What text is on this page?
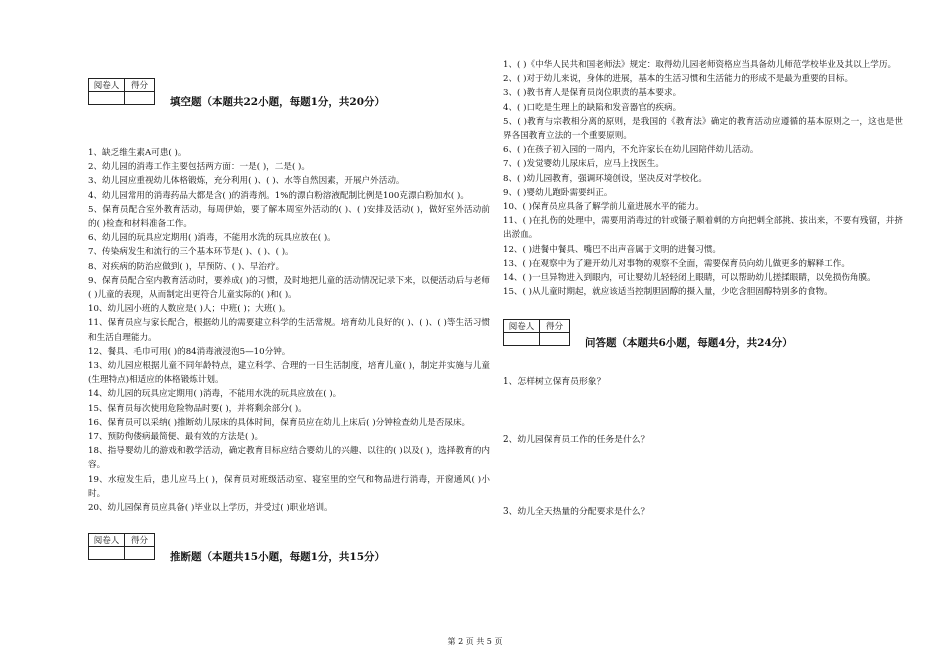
阅卷人	得分

填空题（本题共22小题，每题1分，共20分）

1、缺乏维生素A可患( )。

2、幼儿园的消毒工作主要包括两方面：一是( )，二是( )。

3、幼儿园应重视幼儿体格锻炼，充分利用( )、( )、水等自然因素，开展户外活动。

4、幼儿园常用的消毒药品大都是含( )的消毒剂。1%的漂白粉溶液配制比例是100克漂白粉加水( )。

5、保育员配合室外教育活动，每周伊始，要了解本周室外活动的( )、( )安排及活动( )，做好室外活动前的( )检查和材料准备工作。

6、幼儿园的玩具应定期用( )消毒，不能用水洗的玩具应放在( )。

7、传染病发生和流行的三个基本环节是( )、( )、( )。

8、对疾病的防治应做到( )，早预防、( )、早治疗。

9、保育员配合室内教育活动时，要养成( )的习惯，及时地把儿童的活动情况记录下来，以便活动后与老师( )儿童的表现，从而制定出更符合儿童实际的( )和( )。

10、幼儿园小班的人数应是( )人；中班( )；大班( )。

11、保育员应与家长配合，根据幼儿的需要建立科学的生活常规。培育幼儿良好的( )、( )、( )等生活习惯和生活自理能力。

12、餐具、毛巾可用( )的84消毒液浸泡5—10分钟。

13、幼儿园应根据儿童不同年龄特点，建立科学、合理的一日生活制度，培育儿童( )，制定并实施与儿童(生理特点)相适应的体格锻炼计划。

14、幼儿园的玩具应定期用( )消毒，不能用水洗的玩具应放在( )。

15、保育员每次使用危险物品时要( )，并将剩余部分( )。

16、保育员可以采纳( )推断幼儿尿床的具体时间，保育员应在幼儿上床后( )分钟检查幼儿是否尿床。

17、预防佝偻病最简便、最有效的方法是( )。

18、指导婴幼儿的游戏和教学活动，确定教育目标应结合婴幼儿的兴趣、以往的( )以及( )，选择教育的内容。

19、水痘发生后，患儿应马上( )，保育员对班级活动室、寝室里的空气和物品进行消毒，开窗通风( )小时。

20、幼儿园保育员应具备( )毕业以上学历，并受过( )职业培训。

阅卷人	得分

推断题（本题共15小题，每题1分，共15分）

1、( )《中华人民共和国老师法》规定：取得幼儿园老师资格应当具备幼儿师范学校毕业及其以上学历。

2、( )对于幼儿来说，身体的进展，基本的生活习惯和生活能力的形成不是最为重要的目标。

3、( )教书育人是保育员岗位职责的基本要求。

4、( )口吃是生理上的缺陷和发音器官的疾病。

5、( )教育与宗教相分离的原则，是我国的《教育法》确定的教育活动应遵循的基本原则之一，这也是世界各国教育立法的一个重要原则。

6、( )在孩子初入园的一周内，不允许家长在幼儿园陪伴幼儿活动。

7、( )发觉婴幼儿尿床后，应马上找医生。

8、( )幼儿园教育，强调环境创设，坚决反对学校化。

9、( )婴幼儿跑卧需要纠正。

10、( )保育员应具备了解学前儿童进展水平的能力。

11、( )在扎伤的处理中，需要用消毒过的针或镊子顺着刺的方向把刺全部挑、拔出来，不要有残留，并挤出淤血。

12、( )进餐中餐具、嘴巴不出声音属于文明的进餐习惯。

13、( )在观察中为了避开幼儿对事物的观察不全面，需要保育员向幼儿做更多的解释工作。

14、( )一旦异物进入到眼内，可让婴幼儿轻轻闭上眼睛，可以帮助幼儿搓揉眼睛，以免损伤角膜。

15、( )从儿童时期起，就应该适当控制胆固醇的摄入量，少吃含胆固醇特别多的食物。

阅卷人	得分

问答题（本题共6小题，每题4分，共24分）

1、怎样树立保育员形象？

2、幼儿园保育员工作的任务是什么？

3、幼儿全天热量的分配要求是什么？

第 2 页 共 5 页
